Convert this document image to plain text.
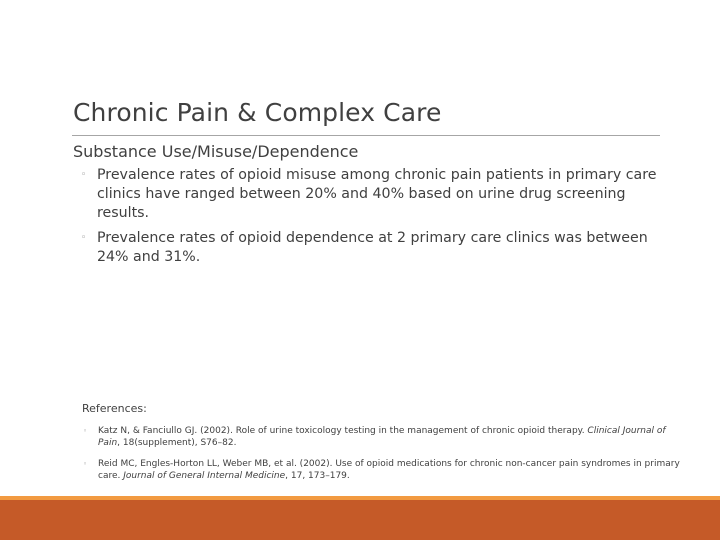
Chronic Pain & Complex Care
Substance Use/Misuse/Dependence
◦ Prevalence rates of opioid misuse among chronic pain patients in primary care clinics have ranged between 20% and 40% based on urine drug screening results.
◦ Prevalence rates of opioid dependence at 2 primary care clinics was between 24% and 31%.
References:
◦ Katz N, & Fanciullo GJ. (2002). Role of urine toxicology testing in the management of chronic opioid therapy. Clinical Journal of Pain, 18(supplement), S76–82.
◦ Reid MC, Engles-Horton LL, Weber MB, et al. (2002). Use of opioid medications for chronic non-cancer pain syndromes in primary care. Journal of General Internal Medicine, 17, 173–179.
